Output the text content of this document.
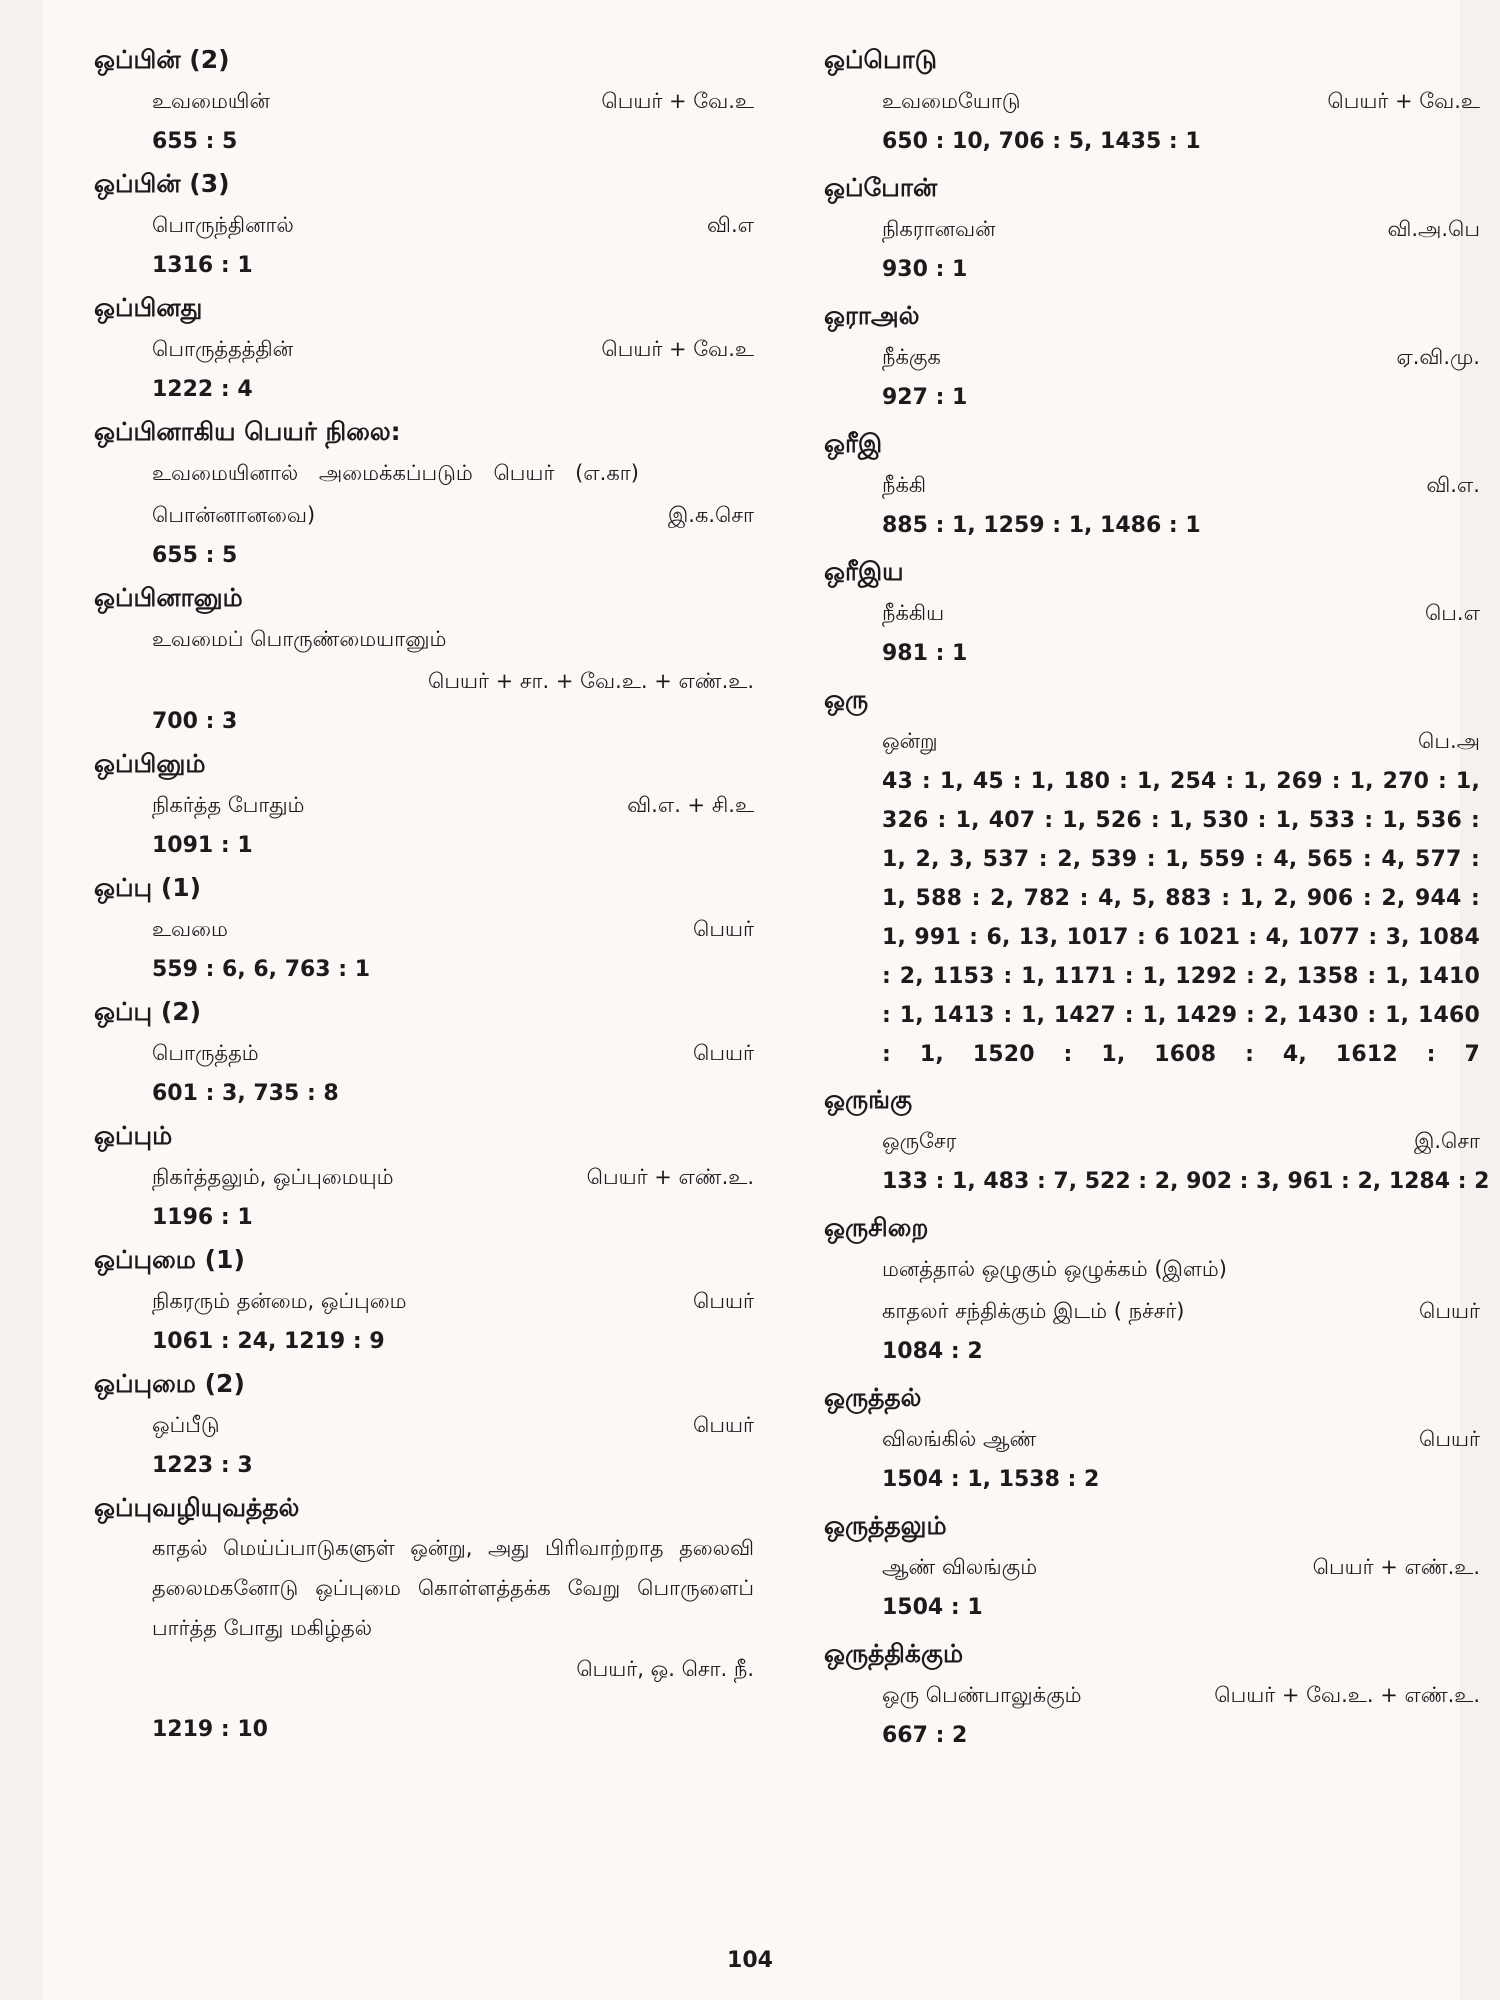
ஒப்பின் (2)
உவமையின்	பெயர் + வே.உ
655 : 5
ஒப்பின் (3)
பொருந்தினால்	வி.எ
1316 : 1
ஒப்பினது
பொருத்தத்தின்	பெயர் + வே.உ
1222 : 4
ஒப்பினாகிய பெயர் நிலை:
உவமையினால் அமைக்கப்படும் பெயர் (எ.கா)
பொன்னானவை)	இ.க.சொ
655 : 5
ஒப்பினானும்
உவமைப் பொருண்மையானும்
பெயர் + சா. + வே.உ. + எண்.உ.
700 : 3
ஒப்பினும்
நிகர்த்த போதும்	வி.எ. + சி.உ
1091 : 1
ஒப்பு (1)
உவமை	பெயர்
559 : 6, 6, 763 : 1
ஒப்பு (2)
பொருத்தம்	பெயர்
601 : 3, 735 : 8
ஒப்பும்
நிகர்த்தலும், ஒப்புமையும்	பெயர் + எண்.உ.
1196 : 1
ஒப்புமை (1)
நிகரரும் தன்மை, ஒப்புமை	பெயர்
1061 : 24, 1219 : 9
ஒப்புமை (2)
ஒப்பீடு	பெயர்
1223 : 3
ஒப்புவழியுவத்தல்
காதல் மெய்ப்பாடுகளுள் ஒன்று, அது பிரிவாற்றாத தலைவி தலைமகனோடு ஒப்புமை கொள்ளத்தக்க வேறு பொருளைப் பார்த்த போது மகிழ்தல்
பெயர், ஒ. சொ. நீ.
1219 : 10
ஒப்பொடு
உவமையோடு	பெயர் + வே.உ
650 : 10, 706 : 5, 1435 : 1
ஒப்போன்
நிகரானவன்	வி.அ.பெ
930 : 1
ஒராஅல்
நீக்குக	ஏ.வி.மு.
927 : 1
ஒரீஇ
நீக்கி	வி.எ.
885 : 1, 1259 : 1, 1486 : 1
ஒரீஇய
நீக்கிய	பெ.எ
981 : 1
ஒரு
ஒன்று	பெ.அ
43 : 1, 45 : 1, 180 : 1, 254 : 1, 269 : 1, 270 : 1, 326 : 1, 407 : 1, 526 : 1, 530 : 1, 533 : 1, 536 : 1, 2, 3, 537 : 2, 539 : 1, 559 : 4, 565 : 4, 577 : 1, 588 : 2, 782 : 4, 5, 883 : 1, 2, 906 : 2, 944 : 1, 991 : 6, 13, 1017 : 6 1021 : 4, 1077 : 3, 1084 : 2, 1153 : 1, 1171 : 1, 1292 : 2, 1358 : 1, 1410 : 1, 1413 : 1, 1427 : 1, 1429 : 2, 1430 : 1, 1460 : 1, 1520 : 1, 1608 : 4, 1612 : 7
ஒருங்கு
ஒருசேர	இ.சொ
133 : 1, 483 : 7, 522 : 2, 902 : 3, 961 : 2, 1284 : 2
ஒருசிறை
மனத்தால் ஒழுகும் ஒழுக்கம் (இளம்)
காதலர் சந்திக்கும் இடம் ( நச்சர்)	பெயர்
1084 : 2
ஒருத்தல்
விலங்கில் ஆண்	பெயர்
1504 : 1, 1538 : 2
ஒருத்தலும்
ஆண் விலங்கும்	பெயர் + எண்.உ.
1504 : 1
ஒருத்திக்கும்
ஒரு பெண்பாலுக்கும்	பெயர் + வே.உ. + எண்.உ.
667 : 2
104
